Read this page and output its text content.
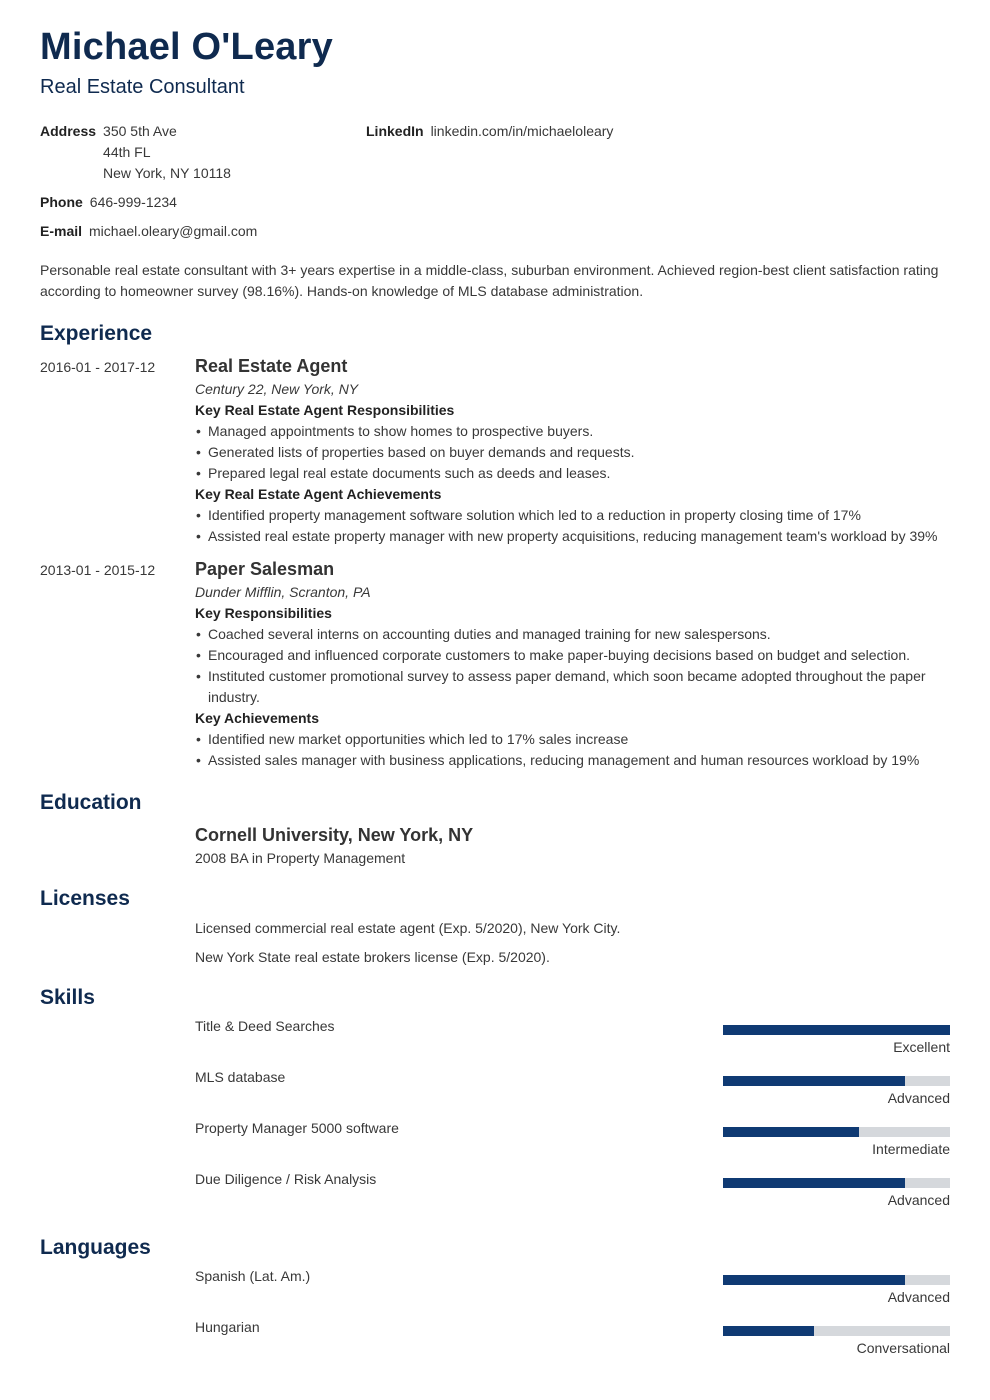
Michael O'Leary
Real Estate Consultant
Address 350 5th Ave
44th FL
New York, NY 10118
Phone 646-999-1234
E-mail michael.oleary@gmail.com
LinkedIn linkedin.com/in/michaeloleary

Personable real estate consultant with 3+ years expertise in a middle-class, suburban environment. Achieved region-best client satisfaction rating according to homeowner survey (98.16%). Hands-on knowledge of MLS database administration.

Experience
2016-01 - 2017-12	Real Estate Agent
Century 22, New York, NY
Key Real Estate Agent Responsibilities
• Managed appointments to show homes to prospective buyers.
• Generated lists of properties based on buyer demands and requests.
• Prepared legal real estate documents such as deeds and leases.
Key Real Estate Agent Achievements
• Identified property management software solution which led to a reduction in property closing time of 17%
• Assisted real estate property manager with new property acquisitions, reducing management team's workload by 39%
2013-01 - 2015-12	Paper Salesman
Dunder Mifflin, Scranton, PA
Key Responsibilities
• Coached several interns on accounting duties and managed training for new salespersons.
• Encouraged and influenced corporate customers to make paper-buying decisions based on budget and selection.
• Instituted customer promotional survey to assess paper demand, which soon became adopted throughout the paper industry.
Key Achievements
• Identified new market opportunities which led to 17% sales increase
• Assisted sales manager with business applications, reducing management and human resources workload by 19%
Education
Cornell University, New York, NY
2008 BA in Property Management
Licenses
Licensed commercial real estate agent (Exp. 5/2020), New York City.
New York State real estate brokers license (Exp. 5/2020).
Skills
Title & Deed Searches
Excellent
MLS database
Advanced
Property Manager 5000 software
Intermediate
Due Diligence / Risk Analysis
Advanced
Languages
Spanish (Lat. Am.)
Advanced
Hungarian
Conversational
